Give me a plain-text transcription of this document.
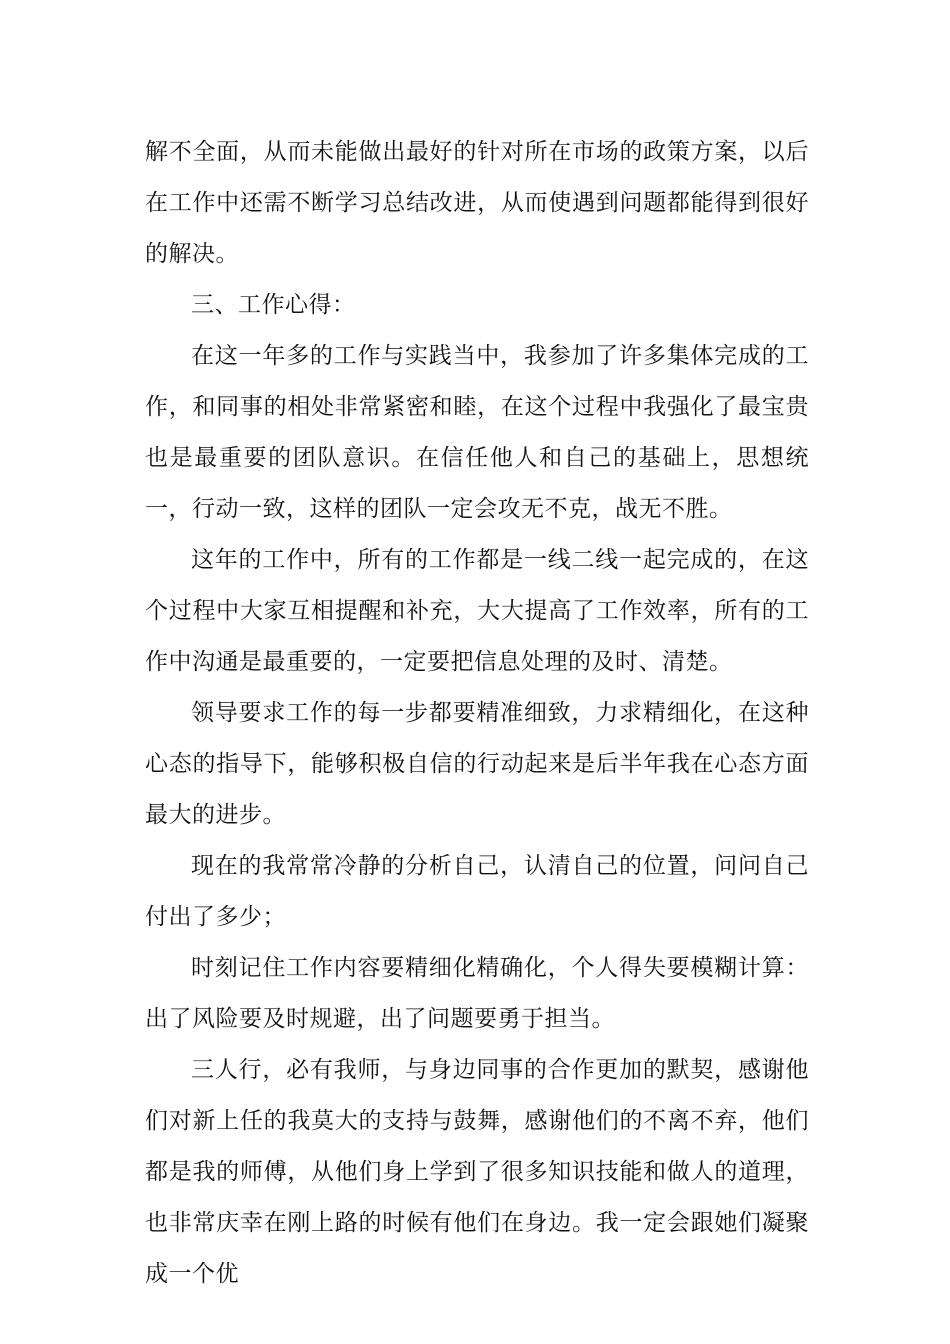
解不全面，从而未能做出最好的针对所在市场的政策方案，以后在工作中还需不断学习总结改进，从而使遇到问题都能得到很好的解决。

三、工作心得：

在这一年多的工作与实践当中，我参加了许多集体完成的工作，和同事的相处非常紧密和睦，在这个过程中我强化了最宝贵也是最重要的团队意识。在信任他人和自己的基础上，思想统一，行动一致，这样的团队一定会攻无不克，战无不胜。

这年的工作中，所有的工作都是一线二线一起完成的，在这个过程中大家互相提醒和补充，大大提高了工作效率，所有的工作中沟通是最重要的，一定要把信息处理的及时、清楚。

领导要求工作的每一步都要精准细致，力求精细化，在这种心态的指导下，能够积极自信的行动起来是后半年我在心态方面最大的进步。

现在的我常常冷静的分析自己，认清自己的位置，问问自己付出了多少；

时刻记住工作内容要精细化精确化，个人得失要模糊计算：出了风险要及时规避，出了问题要勇于担当。

三人行，必有我师，与身边同事的合作更加的默契，感谢他们对新上任的我莫大的支持与鼓舞，感谢他们的不离不弃，他们都是我的师傅，从他们身上学到了很多知识技能和做人的道理，也非常庆幸在刚上路的时候有他们在身边。我一定会跟她们凝聚成一个优
